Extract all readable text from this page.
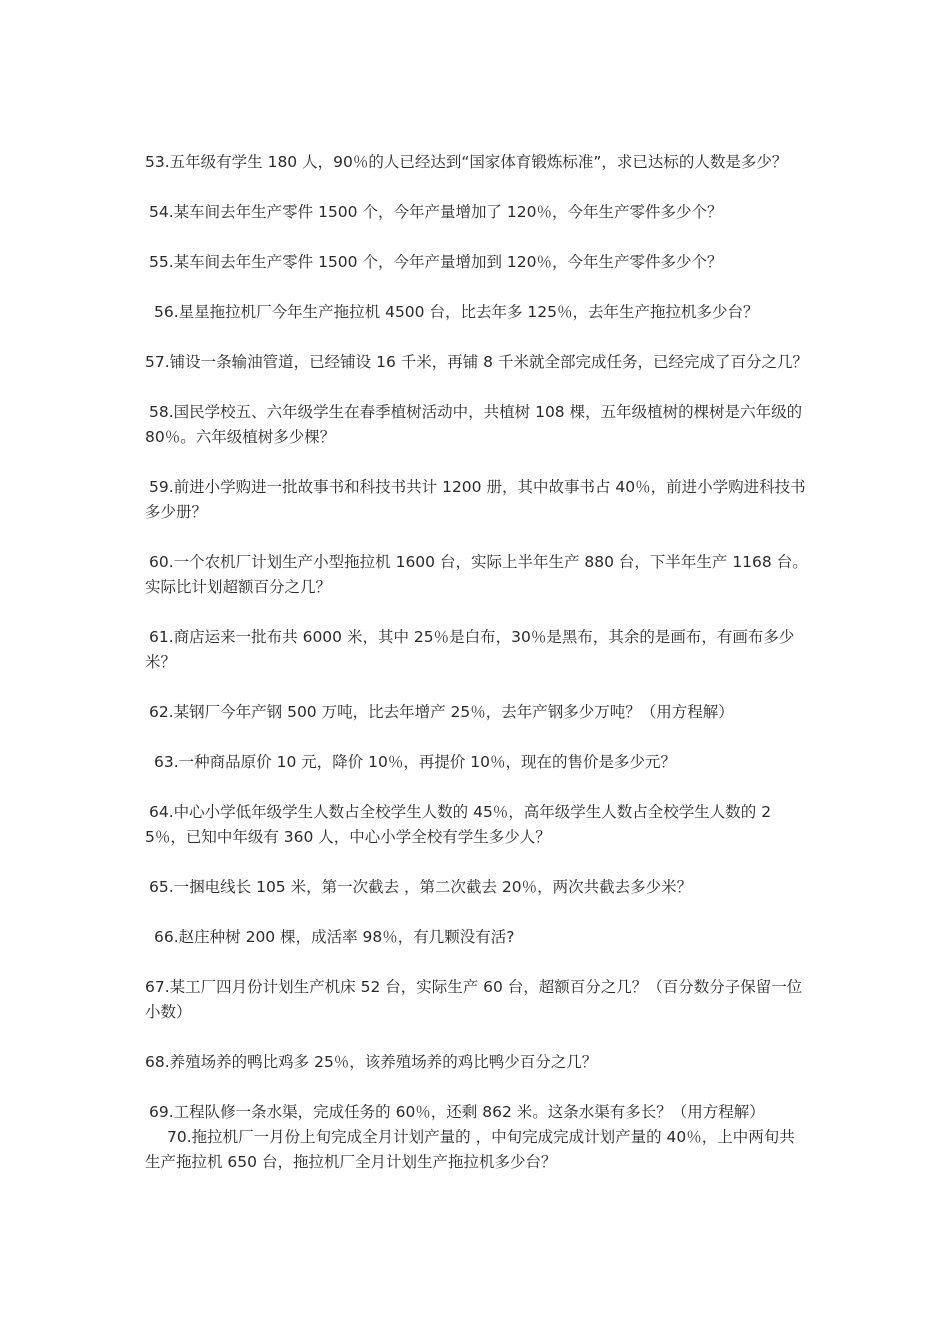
53.五年级有学生 180 人，90％的人已经达到“国家体育锻炼标准”，求已达标的人数是多少？

54.某车间去年生产零件 1500 个，今年产量增加了 120％，今年生产零件多少个？

55.某车间去年生产零件 1500 个，今年产量增加到 120％，今年生产零件多少个？

56.星星拖拉机厂今年生产拖拉机 4500 台，比去年多 125％，去年生产拖拉机多少台？

57.铺设一条输油管道，已经铺设 16 千米，再铺 8 千米就全部完成任务，已经完成了百分之几？

58.国民学校五、六年级学生在春季植树活动中，共植树 108 棵，五年级植树的棵树是六年级的 80％。六年级植树多少棵？

59.前进小学购进一批故事书和科技书共计 1200 册，其中故事书占 40％，前进小学购进科技书多少册？

60.一个农机厂计划生产小型拖拉机 1600 台，实际上半年生产 880 台，下半年生产 1168 台。实际比计划超额百分之几？

61.商店运来一批布共 6000 米，其中 25％是白布，30％是黑布，其余的是画布，有画布多少米？

62.某钢厂今年产钢 500 万吨，比去年增产 25％，去年产钢多少万吨？（用方程解）

63.一种商品原价 10 元，降价 10％，再提价 10％，现在的售价是多少元？

64.中心小学低年级学生人数占全校学生人数的 45％，高年级学生人数占全校学生人数的 25％，已知中年级有 360 人，中心小学全校有学生多少人？

65.一捆电线长 105 米，第一次截去 ，第二次截去 20％，两次共截去多少米？

66.赵庄种树 200 棵，成活率 98％，有几颗没有活?

67.某工厂四月份计划生产机床 52 台，实际生产 60 台，超额百分之几？（百分数分子保留一位小数）

68.养殖场养的鸭比鸡多 25％，该养殖场养的鸡比鸭少百分之几？

69.工程队修一条水渠，完成任务的 60％，还剩 862 米。这条水渠有多长？（用方程解）

70.拖拉机厂一月份上旬完成全月计划产量的 ，中旬完成完成计划产量的 40％，上中两旬共生产拖拉机 650 台，拖拉机厂全月计划生产拖拉机多少台？
